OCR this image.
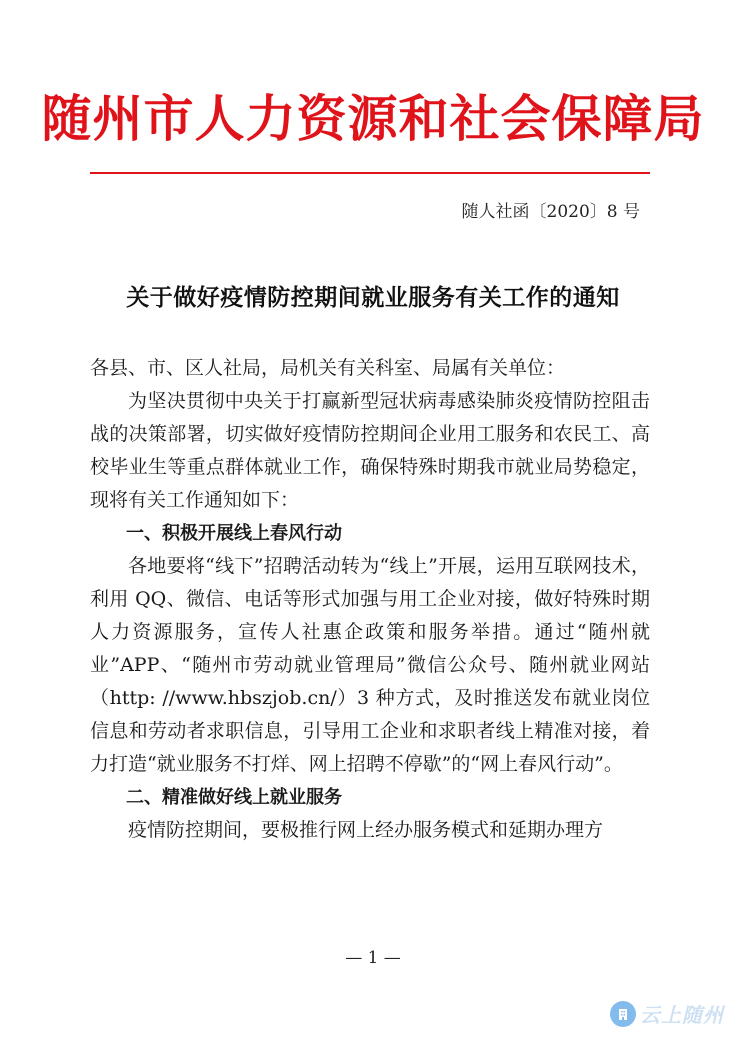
随州市人力资源和社会保障局
随人社函〔2020〕8 号
关于做好疫情防控期间就业服务有关工作的通知

各县、市、区人社局，局机关有关科室、局属有关单位：

为坚决贯彻中央关于打赢新型冠状病毒感染肺炎疫情防控阻击战的决策部署，切实做好疫情防控期间企业用工服务和农民工、高校毕业生等重点群体就业工作，确保特殊时期我市就业局势稳定，现将有关工作通知如下：

一、积极开展线上春风行动

各地要将“线下”招聘活动转为“线上”开展，运用互联网技术，利用 QQ、微信、电话等形式加强与用工企业对接，做好特殊时期人力资源服务，宣传人社惠企政策和服务举措。通过“随州就业”APP、“随州市劳动就业管理局”微信公众号、随州就业网站（http: //www.hbszjob.cn/）3 种方式，及时推送发布就业岗位信息和劳动者求职信息，引导用工企业和求职者线上精准对接，着力打造“就业服务不打烊、网上招聘不停歇”的“网上春风行动”。

二、精准做好线上就业服务

疫情防控期间，要极推行网上经办服务模式和延期办理方

— 1 —
云上随州
